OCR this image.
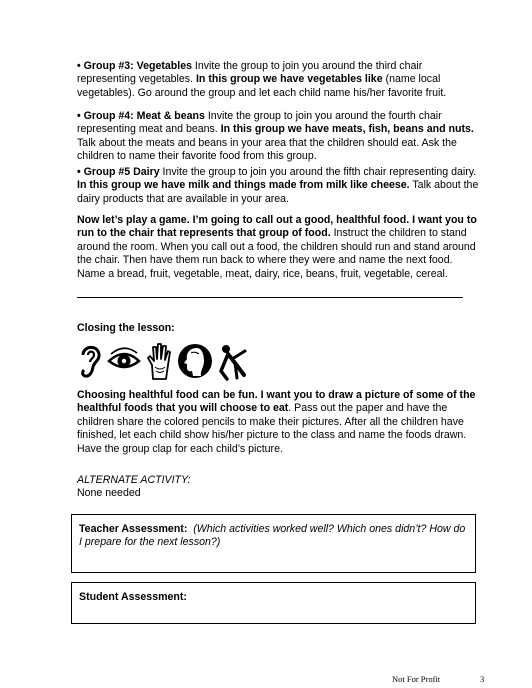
• Group #3: Vegetables Invite the group to join you around the third chair representing vegetables. In this group we have vegetables like (name local vegetables). Go around the group and let each child name his/her favorite fruit.

• Group #4: Meat & beans Invite the group to join you around the fourth chair representing meat and beans. In this group we have meats, fish, beans and nuts. Talk about the meats and beans in your area that the children should eat. Ask the children to name their favorite food from this group.

• Group #5 Dairy Invite the group to join you around the fifth chair representing dairy. In this group we have milk and things made from milk like cheese. Talk about the dairy products that are available in your area.

Now let’s play a game. I’m going to call out a good, healthful food. I want you to run to the chair that represents that group of food. Instruct the children to stand around the room. When you call out a food, the children should run and stand around the chair. Then have them run back to where they were and name the next food. Name a bread, fruit, vegetable, meat, dairy, rice, beans, fruit, vegetable, cereal.

Closing the lesson:

Choosing healthful food can be fun. I want you to draw a picture of some of the healthful foods that you will choose to eat. Pass out the paper and have the children share the colored pencils to make their pictures. After all the children have finished, let each child show his/her picture to the class and name the foods drawn. Have the group clap for each child’s picture.

ALTERNATE ACTIVITY:
None needed

Teacher Assessment: (Which activities worked well? Which ones didn’t? How do I prepare for the next lesson?)

Student Assessment:

Not For Profit	3
